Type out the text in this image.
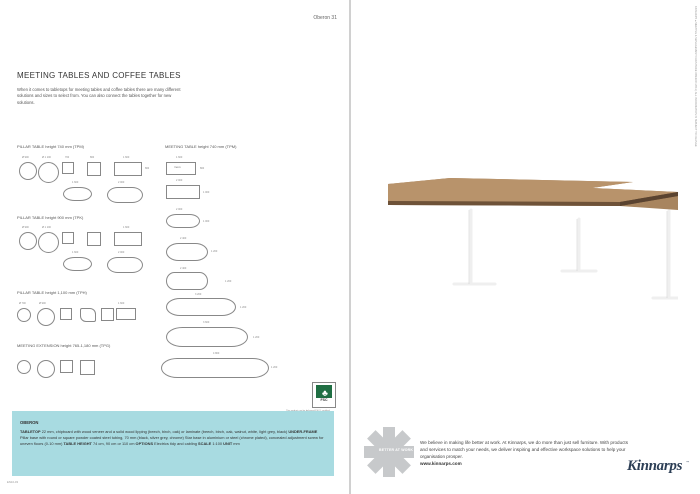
Oberon 31
MEETING TABLES AND COFFEE TABLES
When it comes to tabletops for meeting tables and coffee tables there are many different solutions and sizes to select from. You can also connect the tables together for new solutions.
PILLAR TABLE height 740 mm (TPM)
Ø 900	Ø 1 100	700	800	1 600
800
1 600	2 000
PILLAR TABLE height 900 mm (TPK)
Ø 900	Ø 1 100	1 600
1 600	2 000
PILLAR TABLE height 1,100 mm (TPH)
Ø 700	Ø 900	1 600
MEETING EXTENSION height 765-1,180 mm (TPG)
MEETING TABLE height 740 mm (TPM)
1 600
TM870	800
2 000
1 000
2 000
1 000
2 400
1 200
2 400
1 200
3 200
1 200
3 600
1 200
4 800
1 200
♣
FSC
OBERON
TABLETOP 22 mm, chipboard with wood veneer and a solid wood lipping (beech, birch, oak) or laminate (beech, birch, oak, walnut, white, light grey, black) UNDER-FRAME Pillar base with round or square powder coated steel tubing, 70 mm (black, silver grey, chrome) Star base in aluminium or steel (chrome plated), concealed adjustment screw for uneven floors (0-10 mm) TABLE HEIGHT 74 cm, 90 cm or 110 cm OPTIONS Electrics tidy and cabling SCALE 1:100 UNIT mm
EN10-03
KINNARPS ● MEETING & MANAGEMENT FURNITURE OBERON 2011 | ALL INFORMATION IS SUBJECT TO CHANGE
BETTER AT WORK
We believe in making life better at work. At Kinnarps, we do more than just sell furniture. With products and services to match your needs, we deliver inspiring and effective workspace solutions to help your organisation prosper.
www.kinnarps.com	Kinnarps ™
